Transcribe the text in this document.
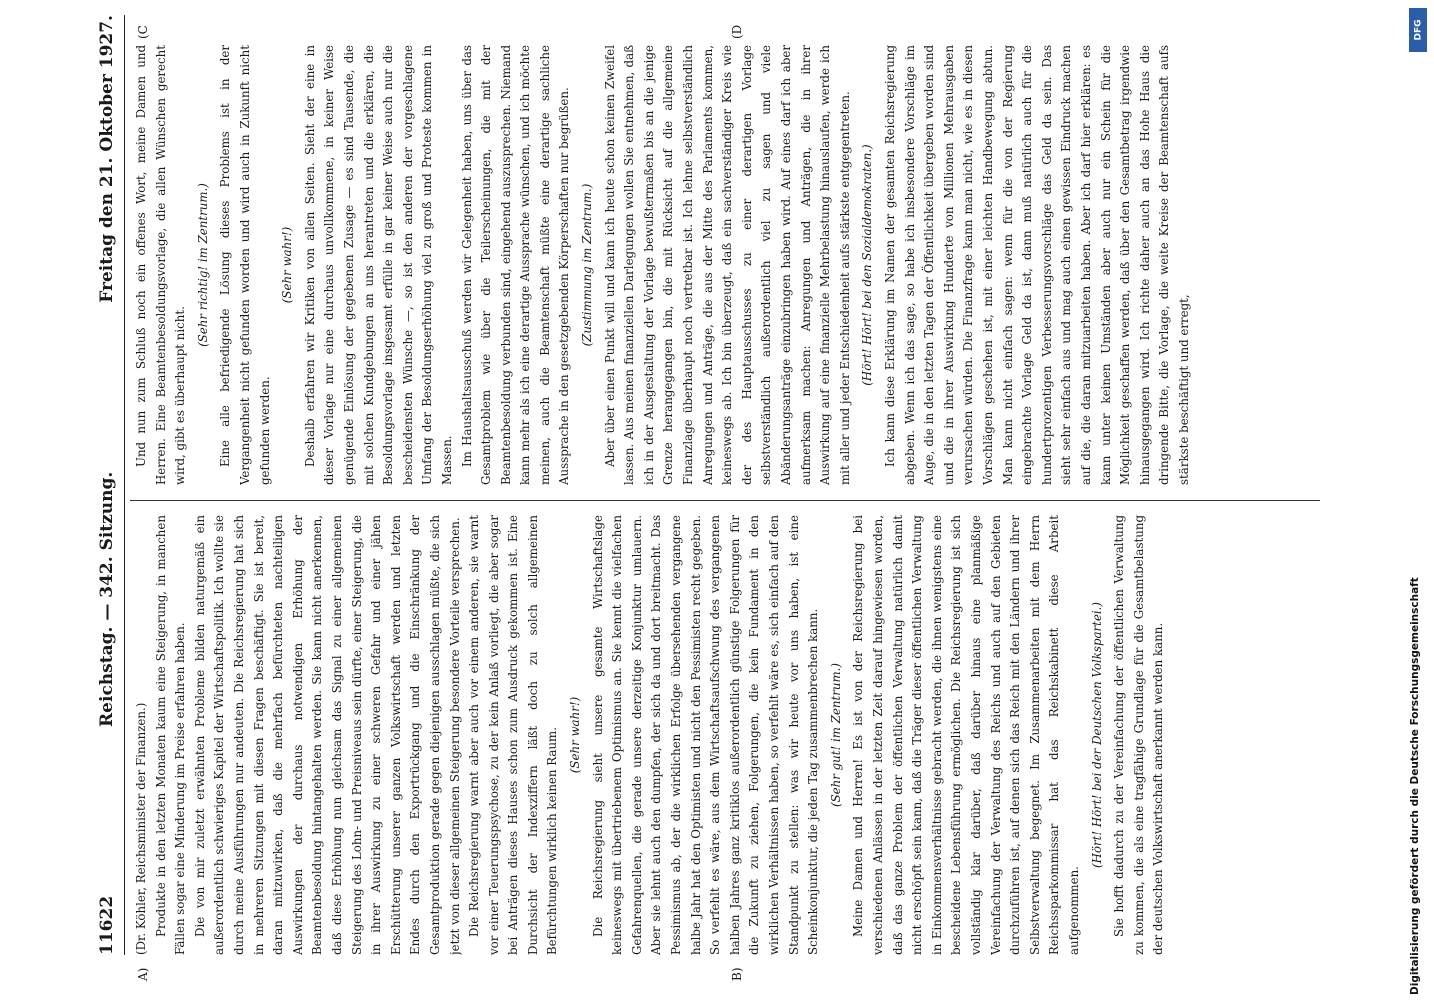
11622
Reichstag. — 342. Sitzung.
Freitag den 21. Oktober 1927.

(Dr. Köhler, Reichsminister der Finanzen.) Produkte in den letzten Monaten kaum eine Steigerung, in manchen Fällen sogar eine Minderung im Preise erfahren haben. Die von mir zuletzt erwähnten Probleme bilden naturgemäß ein außerordentlich schwieriges Kapitel der Wirtschaftspolitik. Ich wollte sie durch meine Ausführungen nur andeuten. Die Reichsregierung hat sich in mehreren Sitzungen mit diesen Fragen beschäftigt. Sie ist bereit, daran mitzuwirken, daß die mehrfach befürchteten nachteiligen Auswirkungen der durchaus notwendigen Erhöhung der Beamtenbesoldung hintangehalten werden. Sie kann nicht anerkennen, daß diese Erhöhung nun gleichsam das Signal zu einer allgemeinen Steigerung des Lohn- und Preisniveaus sein dürfte, einer Steigerung, die in ihrer Auswirkung zu einer schweren Gefahr und einer jähen Erschütterung unserer ganzen Volkswirtschaft werden und letzten Endes durch den Exportrückgang und die Einschränkung der Gesamtproduktion gerade gegen diejenigen ausschlagen müßte, die sich jetzt von dieser allgemeinen Steigerung besondere Vorteile versprechen. Die Reichsregierung warnt aber auch vor einem anderen, sie warnt vor einer Teuerungspsychose, zu der kein Anlaß vorliegt, die aber sogar bei Anträgen dieses Hauses schon zum Ausdruck gekommen ist. Eine Durchsicht der Indexziffern läßt doch zu solch allgemeinen Befürchtungen wirklich keinen Raum. (Sehr wahr!) Die Reichsregierung sieht unsere gesamte Wirtschaftslage keineswegs mit übertriebenem Optimismus an. Sie kennt die vielfachen Gefahrenquellen, die gerade unsere derzeitige Konjunktur umlauern. Aber sie lehnt auch den dumpfen, der sich da und dort breitmacht. Das Pessimismus ab, der die wirklichen Erfolge übersehenden vergangene halbe Jahr hat den Optimisten und nicht den Pessimisten recht gegeben. So verfehlt es wäre, aus dem Wirtschaftsaufschwung des vergangenen halben Jahres ganz kritiklos außerordentlich günstige Folgerungen für die Zukunft zu ziehen, Folgerungen, die kein Fundament in den wirklichen Verhältnissen haben, so verfehlt wäre es, sich einfach auf den Standpunkt zu stellen: was wir heute vor uns haben, ist eine Scheinkonjunktur, die jeden Tag zusammenbrechen kann. (Sehr gut! im Zentrum.) Meine Damen und Herren! Es ist von der Reichsregierung bei verschiedenen Anlässen in der letzten Zeit darauf hingewiesen worden, daß das ganze Problem der öffentlichen Verwaltung natürlich damit nicht erschöpft sein kann, daß die Träger dieser öffentlichen Verwaltung in Einkommensverhältnisse gebracht werden, die ihnen wenigstens eine bescheidene Lebensführung ermöglichen. Die Reichsregierung ist sich vollständig klar darüber, daß darüber hinaus eine planmäßige Vereinfachung der Verwaltung des Reichs und auch auf den Gebieten durchzuführen ist, auf denen sich das Reich mit den Ländern und ihrer Selbstverwaltung begegnet. Im Zusammenarbeiten mit dem Herrn Reichssparkommissar hat das Reichskabinett diese Arbeit aufgenommen.

(Hört! Hört! bei der Deutschen Volkspartei.) Sie hofft dadurch zu der Vereinfachung der öffentlichen Verwaltung zu kommen, die als eine tragfähige Grundlage für die Gesamtbelastung der deutschen Volkswirtschaft anerkannt werden kann.

Und nun zum Schluß noch ein offenes Wort, meine Damen und Herren. Eine Beamtenbesoldungsvorlage, die allen Wünschen gerecht wird, gibt es überhaupt nicht.

(Sehr richtig! im Zentrum.) Eine alle befriedigende Lösung dieses Problems ist in der Vergangenheit nicht gefunden worden und wird auch in Zukunft nicht gefunden werden.

(Sehr wahr!) Deshalb erfahren wir Kritiken von allen Seiten. Sieht der eine in dieser Vorlage nur eine durchaus unvollkommene, in keiner Weise genügende Einlösung der gegebenen Zusage — es sind Tausende, die mit solchen Kundgebungen an uns herantreten und die erklären, die Besoldungsvorlage insgesamt erfülle in gar keiner Weise auch nur die bescheidensten Wünsche —, so ist den anderen der vorgeschlagene Umfang der Besoldungserhöhung viel zu groß und Proteste kommen in Massen. Im Haushaltsausschuß werden wir Gelegenheit haben, uns über das Gesamtproblem wie über die Teilerscheinungen, die mit der Beamtenbesoldung verbunden sind, eingehend auszusprechen. Niemand kann mehr als ich eine derartige Aussprache wünschen, und ich möchte meinen, auch die Beamtenschaft müßte eine derartige sachliche Aussprache in den gesetzgebenden Körperschaften nur begrüßen. (Zustimmung im Zentrum.) Aber über einen Punkt will und kann ich heute schon keinen Zweifel lassen. Aus meinen finanziellen Darlegungen wollen Sie entnehmen, daß ich in der Ausgestaltung der Vorlage bewußtermaßen bis an die jenige Grenze herangegangen bin, die mit Rücksicht auf die allgemeine Finanzlage überhaupt noch vertretbar ist. Ich lehne selbstverständlich Anregungen und Anträge, die aus der Mitte des Parlaments kommen, keineswegs ab. Ich bin überzeugt, daß ein sachverständiger Kreis wie der des Hauptausschusses zu einer derartigen Vorlage selbstverständlich außerordentlich viel zu sagen und viele Abänderungsanträge einzubringen haben wird. Auf eines darf ich aber aufmerksam machen: Anregungen und Anträgen, die in ihrer Auswirkung auf eine finanzielle Mehrbelastung hinauslaufen, werde ich mit aller und jeder Entschiedenheit aufs stärkste entgegentreten. (Hört! Hört! bei den Sozialdemokraten.) Ich kann diese Erklärung im Namen der gesamten Reichsregierung abgeben. Wenn ich das sage, so habe ich insbesondere Vorschläge im Auge, die in den letzten Tagen der Öffentlichkeit übergeben worden sind und die in ihrer Auswirkung Hunderte von Millionen Mehrausgaben verursachen würden. Die Finanzfrage kann man nicht, wie es in diesen Vorschlägen geschehen ist, mit einer leichten Handbewegung abtun. Man kann nicht einfach sagen: wenn für die von der Regierung eingebrachte Vorlage Geld da ist, dann muß natürlich auch für die hundertprozentigen Verbesserungsvorschläge das Geld da sein. Das sieht sehr einfach aus und mag auch einen gewissen Eindruck machen auf die, die daran mitzuarbeiten haben. Aber ich darf hier erklären: es kann unter keinen Umständen aber auch nur ein Schein für die Möglichkeit geschaffen werden, daß über den Gesamtbetrag irgendwie hinausgegangen wird. Ich richte daher auch an das Hohe Haus die dringende Bitte, die Vorlage, die weite Kreise der Beamtenschaft aufs stärkste beschäftigt und erregt,

A)	B)
(C	(D
Digitalisierung gefördert durch die Deutsche Forschungsgemeinschaft
DFG
